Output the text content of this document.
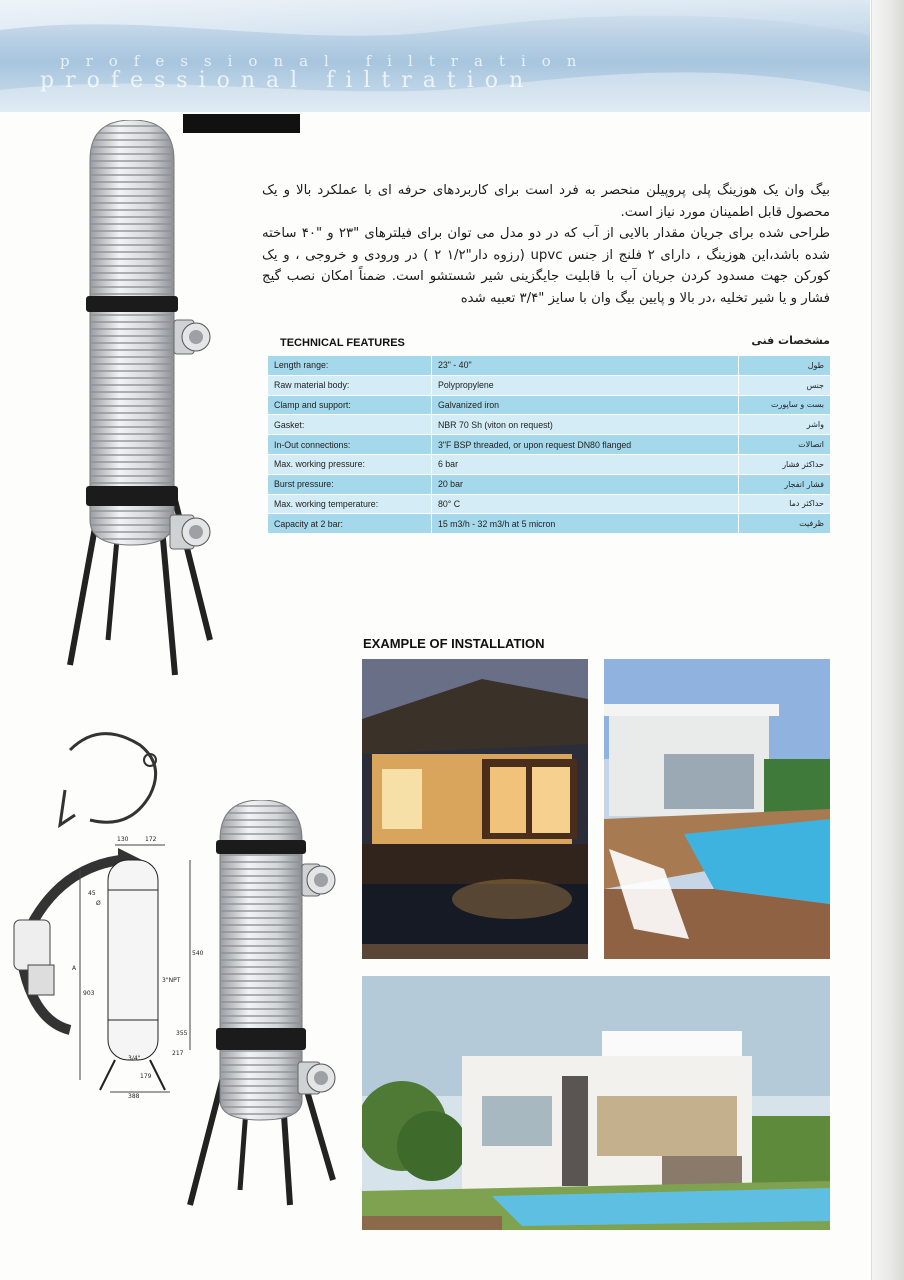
professional filtration
professional filtration

بیگ وان یک هوزینگ پلی پروپیلن منحصر به فرد است برای کاربردهای حرفه ای با عملکرد بالا و یک محصول قابل اطمینان مورد نیاز است.

طراحی شده برای جریان مقدار بالایی از آب که در دو مدل می توان برای فیلترهای "۲۳ و "۴۰ ساخته شده باشد،این هوزینگ ، دارای ۲ فلنج از جنس upvc (رزوه دار"۱/۲ ۲ ) در ورودی و خروجی ، و یک کورکن جهت مسدود کردن جریان آب با قابلیت جایگزینی شیر شستشو است. ضمناً امکان نصب گیج فشار و یا شیر تخلیه ،در بالا و پایین بیگ وان با سایز "۳/۴ تعبیه شده

TECHNICAL FEATURES	مشخصات فنی
Length range:	23" - 40"	طول
Raw material body:	Polypropylene	جنس
Clamp and support:	Galvanized iron	بست و ساپورت
Gasket:	NBR 70 Sh (viton on request)	واشر
In-Out connections:	3"F BSP threaded, or upon request DN80 flanged	اتصالات
Max. working pressure:	6 bar	حداکثر فشار
Burst pressure:	20 bar	فشار انفجار
Max. working temperature:	80° C	حداکثر دما
Capacity at 2 bar:	15 m3/h - 32 m3/h at 5 micron	ظرفیت
EXAMPLE OF INSTALLATION
130	172
45
Ø
540
A
903
355
217
179
388
3"NPT
3/4"
